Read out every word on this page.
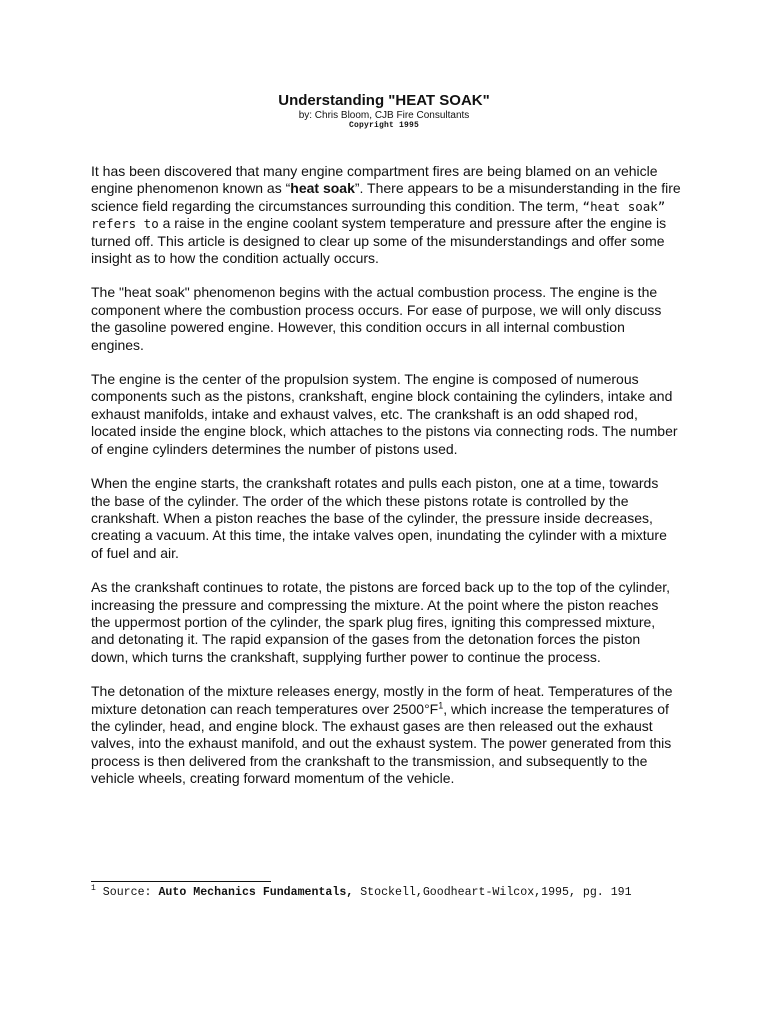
Understanding "HEAT SOAK"

by: Chris Bloom, CJB Fire Consultants

Copyright 1995

It has been discovered that many engine compartment fires are being blamed on an vehicle engine phenomenon known as “heat soak”. There appears to be a misunderstanding in the fire science field regarding the circumstances surrounding this condition. The term, “heat soak” refers to a raise in the engine coolant system temperature and pressure after the engine is turned off. This article is designed to clear up some of the misunderstandings and offer some insight as to how the condition actually occurs.

The "heat soak" phenomenon begins with the actual combustion process. The engine is the component where the combustion process occurs. For ease of purpose, we will only discuss the gasoline powered engine. However, this condition occurs in all internal combustion engines.

The engine is the center of the propulsion system. The engine is composed of numerous components such as the pistons, crankshaft, engine block containing the cylinders, intake and exhaust manifolds, intake and exhaust valves, etc. The crankshaft is an odd shaped rod, located inside the engine block, which attaches to the pistons via connecting rods. The number of engine cylinders determines the number of pistons used.

When the engine starts, the crankshaft rotates and pulls each piston, one at a time, towards the base of the cylinder. The order of the which these pistons rotate is controlled by the crankshaft. When a piston reaches the base of the cylinder, the pressure inside decreases, creating a vacuum. At this time, the intake valves open, inundating the cylinder with a mixture of fuel and air.

As the crankshaft continues to rotate, the pistons are forced back up to the top of the cylinder, increasing the pressure and compressing the mixture. At the point where the piston reaches the uppermost portion of the cylinder, the spark plug fires, igniting this compressed mixture, and detonating it. The rapid expansion of the gases from the detonation forces the piston down, which turns the crankshaft, supplying further power to continue the process.

The detonation of the mixture releases energy, mostly in the form of heat. Temperatures of the mixture detonation can reach temperatures over $2500^\circ F^1$, which increase the temperatures of the cylinder, head, and engine block. The exhaust gases are then released out the exhaust valves, into the exhaust manifold, and out the exhaust system. The power generated from this process is then delivered from the crankshaft to the transmission, and subsequently to the vehicle wheels, creating forward momentum of the vehicle.

$^1$ Source: Auto Mechanics Fundamentals, Stockell,Goodheart-Wilcox,1995, pg. 191
